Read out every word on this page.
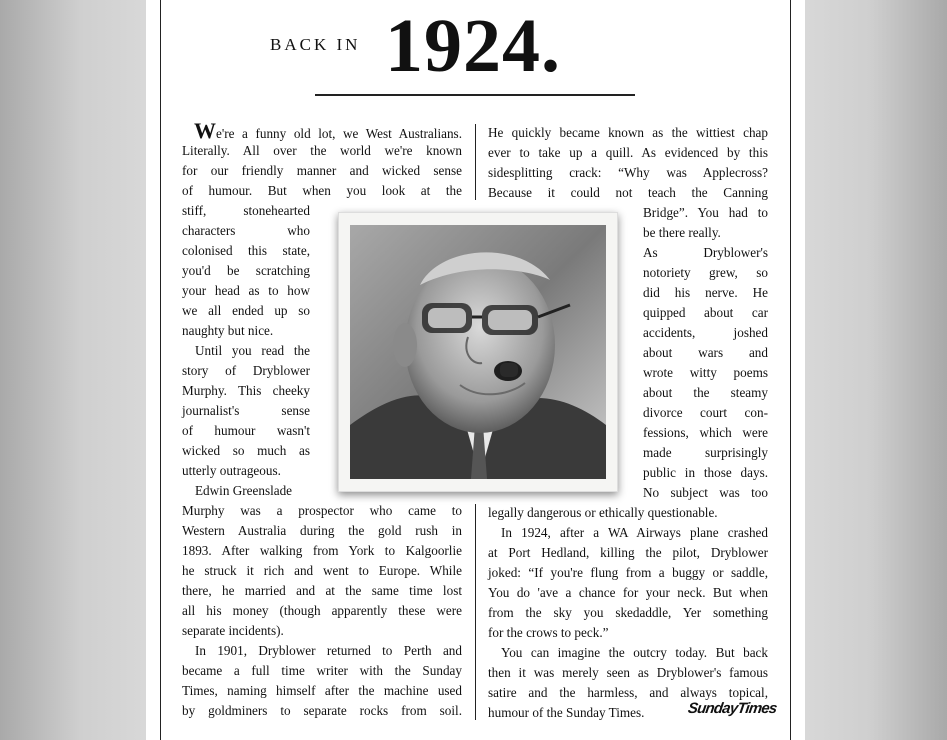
BACK IN 1924.
We're a funny old lot, we West Australians.
Literally. All over the world we're known
for our friendly manner and wicked sense
of humour. But when you look at the
stiff, stonehearted
characters who
colonised this state,
you'd be scratching
your head as to how
we all ended up so
naughty but nice.
Until you read the
story of Dryblower
Murphy. This cheeky
journalist's sense
of humour wasn't
wicked so much as
utterly outrageous.
Edwin Greenslade
Murphy was a prospector who came to
Western Australia during the gold rush in
1893. After walking from York to Kalgoorlie
he struck it rich and went to Europe. While
there, he married and at the same time lost
all his money (though apparently these were
separate incidents).
In 1901, Dryblower returned to Perth and
became a full time writer with the Sunday
Times, naming himself after the machine used
by goldminers to separate rocks from soil.
He quickly became known as the wittiest chap
ever to take up a quill. As evidenced by this
sidesplitting crack: “Why was Applecross?
Because it could not teach the Canning
Bridge”. You had to
be there really.
As Dryblower's
notoriety grew, so
did his nerve. He
quipped about car
accidents, joshed
about wars and
wrote witty poems
about the steamy
divorce court con-
fessions, which were
made surprisingly
public in those days.
No subject was too
legally dangerous or ethically questionable.
In 1924, after a WA Airways plane crashed
at Port Hedland, killing the pilot, Dryblower
joked: “If you're flung from a buggy or saddle,
You do 'ave a chance for your neck. But when
from the sky you skedaddle, Yer something
for the crows to peck.”
You can imagine the outcry today. But back
then it was merely seen as Dryblower's famous
satire and the harmless, and always topical,
humour of the Sunday Times.	SundayTimes
